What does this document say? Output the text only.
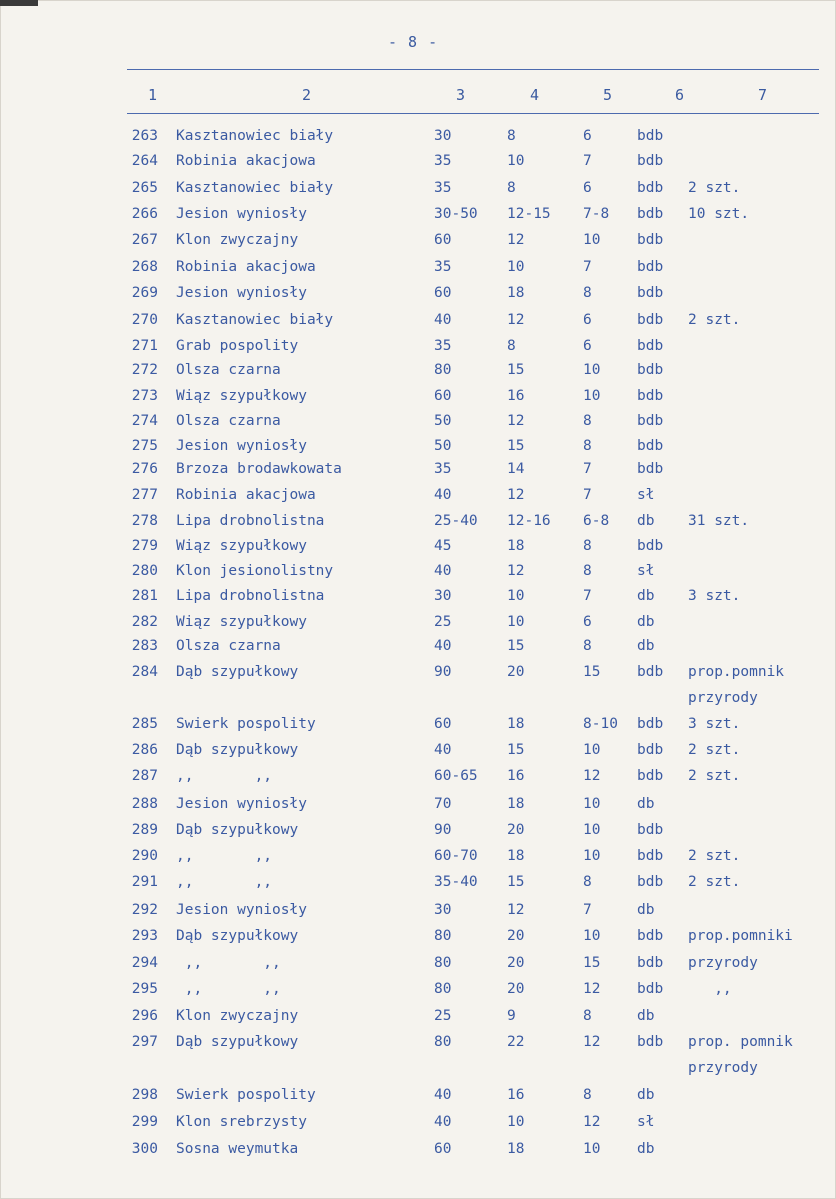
- 8 -
1	2	3	4	5	6	7
263 Kasztanowiec biały	30	8	6	bdb
264 Robinia akacjowa	35	10	7	bdb
265 Kasztanowiec biały	35	8	6	bdb 2 szt.
266 Jesion wyniosły	30-50 12-15 7-8 bdb 10 szt.
267 Klon zwyczajny	60	12	10	bdb
268 Robinia akacjowa	35	10	7	bdb
269 Jesion wyniosły	60	18	8	bdb
270 Kasztanowiec biały	40	12	6	bdb 2 szt.
271 Grab pospolity	35	8	6	bdb
272 Olsza czarna	80	15	10	bdb
273 Wiąz szypułkowy	60	16	10	bdb
274 Olsza czarna	50	12	8	bdb
275 Jesion wyniosły	50	15	8	bdb
276 Brzoza brodawkowata	35	14	7	bdb
277 Robinia akacjowa	40	12	7	sł
278 Lipa drobnolistna	25-40 12-16 6-8 db 31 szt.
279 Wiąz szypułkowy	45	18	8	bdb
280 Klon jesionolistny	40	12	8	sł
281 Lipa drobnolistna	30	10	7	db 3 szt.
282 Wiąz szypułkowy	25	10	6	db
283 Olsza czarna	40	15	8	db
284 Dąb szypułkowy	90	20	15	bdb prop.pomnik
przyrody
285 Swierk pospolity	60	18	8-10 bdb 3 szt.
286 Dąb szypułkowy	40	15	10	bdb 2 szt.
287 ,,       ,,	60-65 16	12	bdb 2 szt.
288 Jesion wyniosły	70	18	10	db
289 Dąb szypułkowy	90	20	10	bdb
290 ,,       ,,	60-70 18	10	bdb 2 szt.
291 ,,       ,,	35-40 15	8	bdb 2 szt.
292 Jesion wyniosły	30	12	7	db
293 Dąb szypułkowy	80	20	10	bdb prop.pomniki
294 ,,       ,,	80	20	15	bdb przyrody
295 ,,       ,,	80	20	12	bdb ,,
296 Klon zwyczajny	25	9	8	db
297 Dąb szypułkowy	80	22	12	bdb prop. pomnik
przyrody
298 Swierk pospolity	40	16	8	db
299 Klon srebrzysty	40	10	12	sł
300 Sosna weymutka	60	18	10	db
